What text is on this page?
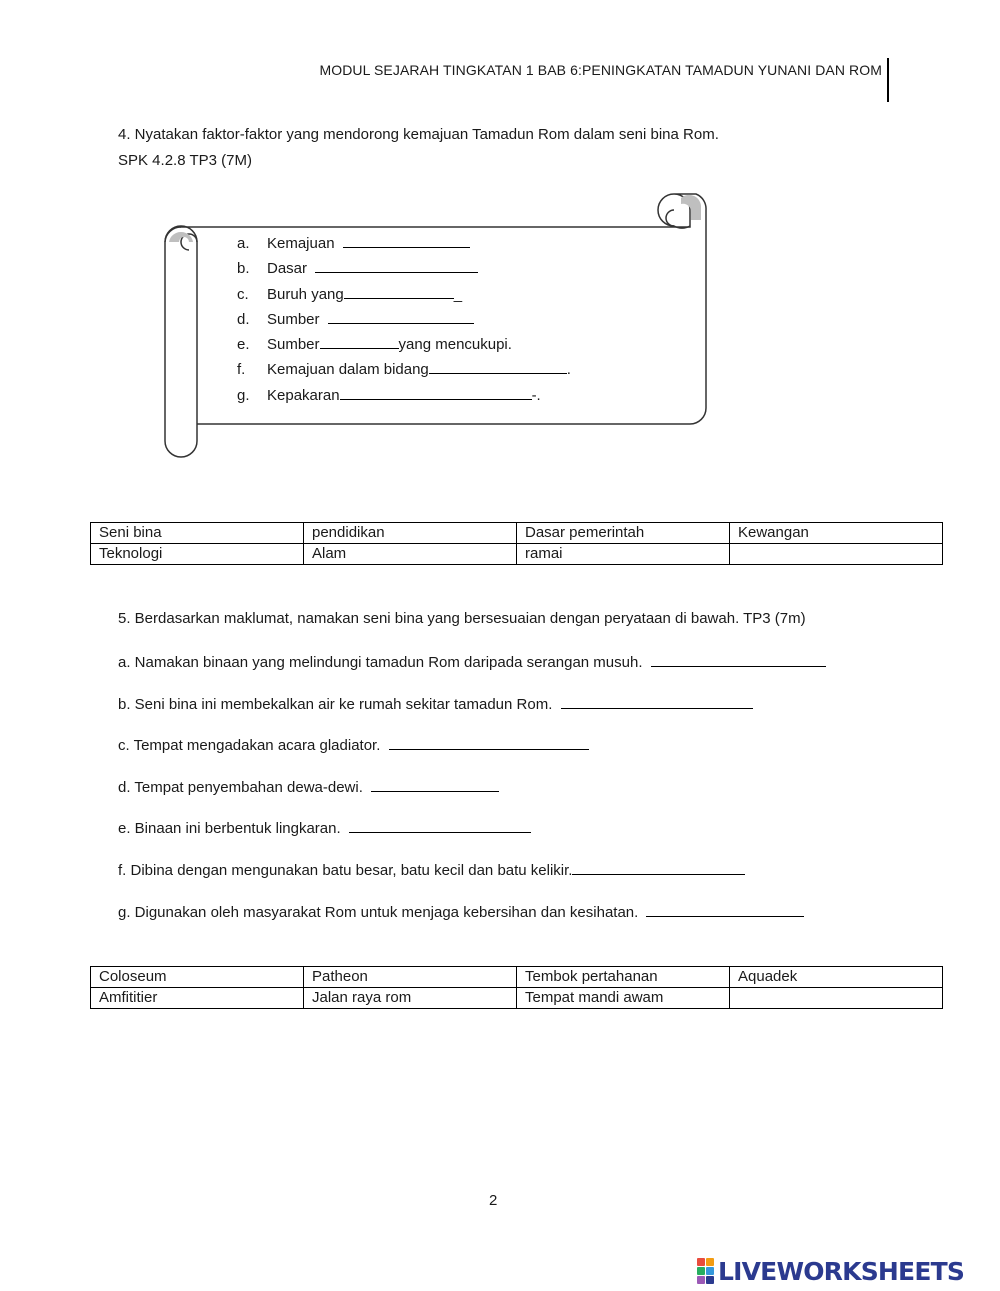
MODUL SEJARAH TINGKATAN 1 BAB 6:PENINGKATAN TAMADUN YUNANI DAN ROM
4. Nyatakan faktor-faktor yang mendorong kemajuan Tamadun Rom dalam seni bina Rom.
SPK 4.2.8 TP3 (7M)
a. Kemajuan
b. Dasar
c. Buruh yang	_
d. Sumber
e. Sumber	yang mencukupi.
f. Kemajuan dalam bidang	.
g. Kepakaran	-.
Seni bina	pendidikan	Dasar pemerintah	Kewangan
Teknologi	Alam	ramai	
5. Berdasarkan maklumat, namakan seni bina yang bersesuaian dengan peryataan di bawah. TP3 (7m)
a. Namakan binaan yang melindungi tamadun Rom daripada serangan musuh.
b. Seni bina ini membekalkan air ke rumah sekitar tamadun Rom.
c. Tempat mengadakan acara gladiator.
d. Tempat penyembahan dewa-dewi.
e. Binaan ini berbentuk lingkaran.
f. Dibina dengan mengunakan batu besar, batu kecil dan batu kelikir.
g. Digunakan oleh masyarakat Rom untuk menjaga kebersihan dan kesihatan.
Coloseum	Patheon	Tembok pertahanan	Aquadek
Amfititier	Jalan raya rom	Tempat mandi awam	
2
LIVEWORKSHEETS
